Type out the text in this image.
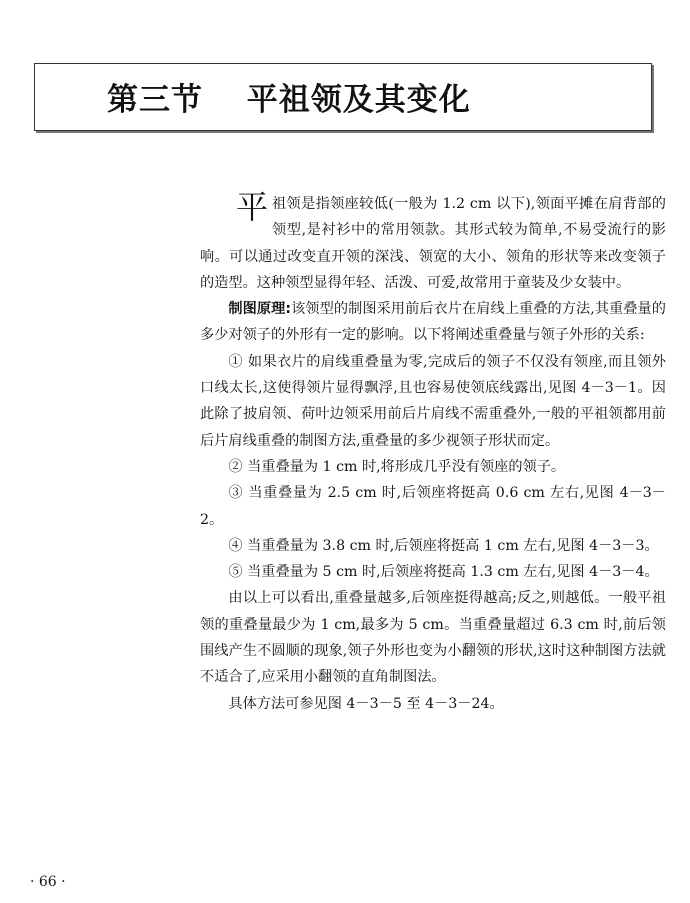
第三节　 平祖领及其变化

平祖领是指领座较低(一般为 1.2 cm 以下),领面平摊在肩背部的领型,是衬衫中的常用领款。其形式较为简单,不易受流行的影响。可以通过改变直开领的深浅、领宽的大小、领角的形状等来改变领子的造型。这种领型显得年轻、活泼、可爱,故常用于童装及少女装中。

制图原理:该领型的制图采用前后衣片在肩线上重叠的方法,其重叠量的多少对领子的外形有一定的影响。以下将阐述重叠量与领子外形的关系:

① 如果衣片的肩线重叠量为零,完成后的领子不仅没有领座,而且领外口线太长,这使得领片显得飘浮,且也容易使领底线露出,见图 4－3－1。因此除了披肩领、荷叶边领采用前后片肩线不需重叠外,一般的平祖领都用前后片肩线重叠的制图方法,重叠量的多少视领子形状而定。

② 当重叠量为 1 cm 时,将形成几乎没有领座的领子。

③ 当重叠量为 2.5 cm 时,后领座将挺高 0.6 cm 左右,见图 4－3－2。

④ 当重叠量为 3.8 cm 时,后领座将挺高 1 cm 左右,见图 4－3－3。

⑤ 当重叠量为 5 cm 时,后领座将挺高 1.3 cm 左右,见图 4－3－4。

由以上可以看出,重叠量越多,后领座挺得越高;反之,则越低。一般平祖领的重叠量最少为 1 cm,最多为 5 cm。当重叠量超过 6.3 cm 时,前后领围线产生不圆顺的现象,领子外形也变为小翻领的形状,这时这种制图方法就不适合了,应采用小翻领的直角制图法。

具体方法可参见图 4－3－5 至 4－3－24。

· 66 ·
